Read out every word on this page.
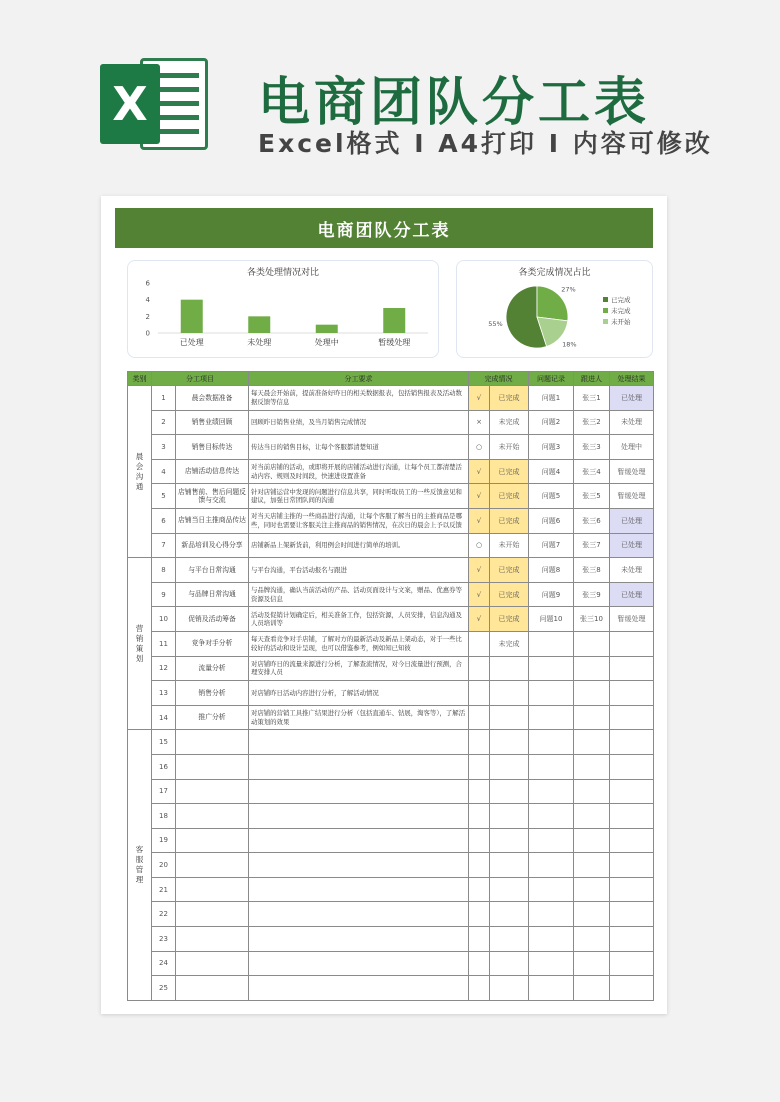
X 电商团队分工表
Excel格式 I A4打印 I 内容可修改
电商团队分工表
各类处理情况对比
0
2
4
6
已处理	未处理	处理中	暂缓处理
各类完成情况占比
55%
27%
18%
已完成
未完成
未开始
类别	分工项目		分工要求	完成情况		问题记录	跟进人	处理结果

晨
会
沟
通	1	晨会数据准备	每天晨会开始前，提前准备好昨日的相关数据报表，包括销售报表及活动数据反馈等信息	√	已完成	问题1	张三1	已处理
	2	销售业绩回顾	回顾昨日销售业绩，及当月销售完成情况	×	未完成	问题2	张三2	未处理
	3	销售目标传达	传达当日的销售目标，让每个客服都清楚知道	○	未开始	问题3	张三3	处理中
	4	店铺活动信息传达	对当前店铺的活动，或即将开展的店铺活动进行沟通，让每个员工都清楚活动内容、规则及时间段，快速进设置准备	√	已完成	问题4	张三4	暂缓处理
	5	店铺售前、售后问题反馈与交流	针对店铺运营中发现的问题进行信息共享，同时听取员工的一些反馈意见和建议，加强日常团队间的沟通	√	已完成	问题5	张三5	暂缓处理
	6	店铺当日主推商品传达	对当天店铺主推的一些商品进行沟通，让每个客服了解当日的主推商品是哪些，同时也需要让客服关注主推商品的销售情况，在次日的晨会上予以反馈	√	已完成	问题6	张三6	已处理
	7	新品培训及心得分享	店铺新品上架新货前，利用例会时间进行简单的培训。	○	未开始	问题7	张三7	已处理

营
销
策
划	8	与平台日常沟通	与平台沟通，平台活动报名与跟进	√	已完成	问题8	张三8	未处理
	9	与品牌日常沟通	与品牌沟通，确认当前活动的产品、活动页面设计与文案，赠品、优惠券等资源及信息	√	已完成	问题9	张三9	已处理
	10	促销及活动筹备	活动及促销计划确定后，相关准备工作，包括资源，人员安排，信息沟通及人员培训等	√	已完成	问题10	张三10	暂缓处理
	11	竞争对手分析	每天查看竞争对手店铺，了解对方的最新活动及新品上架动态，对于一些比较好的活动和设计呈现，也可以借鉴参考，例如知已知彼		未完成			
	12	流量分析	对店铺昨日的流量来源进行分析，了解查流情况，对今日流量进行预测，合理安排人员					
	13	销售分析	对店铺昨日活动内容进行分析，了解活动情况					
	14	推广分析	对店铺的营销工具推广结果进行分析（包括直通车、钻展，淘客等），了解活动策划的效果					

客
服
管
理	15							
	16							
	17							
	18							
	19							
	20							
	21							
	22							
	23							
	24							
	25							
